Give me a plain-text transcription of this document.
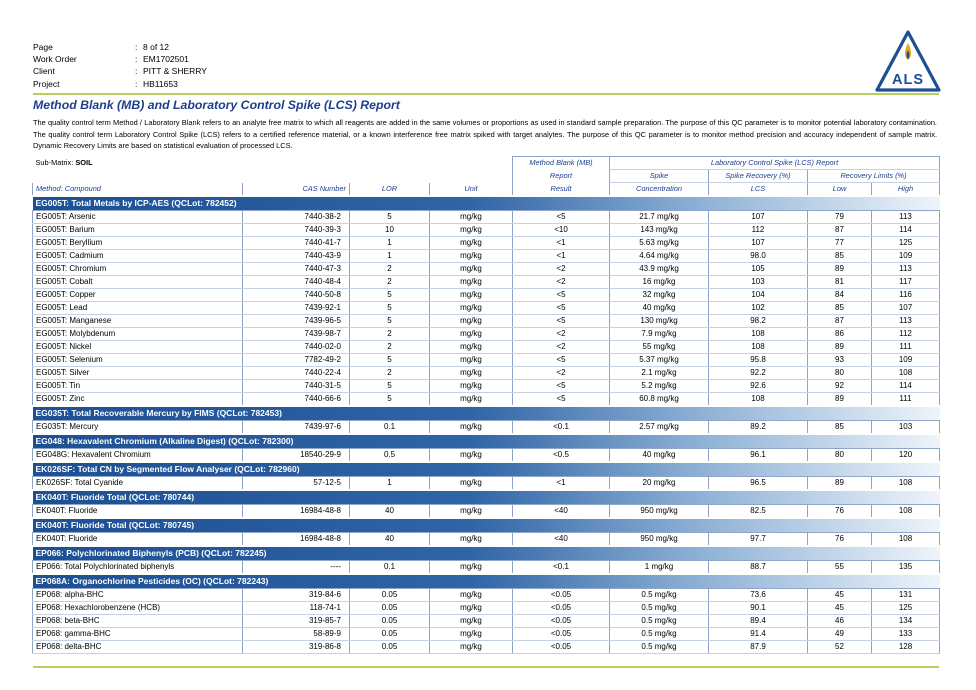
Page	: 8 of 12
Work Order	: EM1702501
Client	: PITT & SHERRY
Project	: HB11653	ALS
Method Blank (MB) and Laboratory Control Spike (LCS) Report
The quality control term Method / Laboratory Blank refers to an analyte free matrix to which all reagents are added in the same volumes or proportions as used in standard sample preparation. The purpose of this QC parameter is to monitor potential laboratory contamination. The quality control term Laboratory Control Spike (LCS) refers to a certified reference material, or a known interference free matrix spiked with target analytes. The purpose of this QC parameter is to monitor method precision and accuracy independent of sample matrix. Dynamic Recovery Limits are based on statistical evaluation of processed LCS.
Sub-Matrix: SOIL				Method Blank (MB)	Laboratory Control Spike (LCS) Report			
				Report	Spike	Spike Recovery (%)	Recovery Limits (%)	
Method: Compound	CAS Number	LOR	Unit	Result	Concentration	LCS	Low	High
EG005T: Total Metals by ICP-AES (QCLot: 782452)								
EG005T: Arsenic	7440-38-2	5	mg/kg	<5	21.7 mg/kg	107	79	113
EG005T: Barium	7440-39-3	10	mg/kg	<10	143 mg/kg	112	87	114
EG005T: Beryllium	7440-41-7	1	mg/kg	<1	5.63 mg/kg	107	77	125
EG005T: Cadmium	7440-43-9	1	mg/kg	<1	4.64 mg/kg	98.0	85	109
EG005T: Chromium	7440-47-3	2	mg/kg	<2	43.9 mg/kg	105	89	113
EG005T: Cobalt	7440-48-4	2	mg/kg	<2	16 mg/kg	103	81	117
EG005T: Copper	7440-50-8	5	mg/kg	<5	32 mg/kg	104	84	116
EG005T: Lead	7439-92-1	5	mg/kg	<5	40 mg/kg	102	85	107
EG005T: Manganese	7439-96-5	5	mg/kg	<5	130 mg/kg	98.2	87	113
EG005T: Molybdenum	7439-98-7	2	mg/kg	<2	7.9 mg/kg	108	86	112
EG005T: Nickel	7440-02-0	2	mg/kg	<2	55 mg/kg	108	89	111
EG005T: Selenium	7782-49-2	5	mg/kg	<5	5.37 mg/kg	95.8	93	109
EG005T: Silver	7440-22-4	2	mg/kg	<2	2.1 mg/kg	92.2	80	108
EG005T: Tin	7440-31-5	5	mg/kg	<5	5.2 mg/kg	92.6	92	114
EG005T: Zinc	7440-66-6	5	mg/kg	<5	60.8 mg/kg	108	89	111
EG035T: Total Recoverable Mercury by FIMS (QCLot: 782453)								
EG035T: Mercury	7439-97-6	0.1	mg/kg	<0.1	2.57 mg/kg	89.2	85	103
EG048: Hexavalent Chromium (Alkaline Digest) (QCLot: 782300)								
EG048G: Hexavalent Chromium	18540-29-9	0.5	mg/kg	<0.5	40 mg/kg	96.1	80	120
EK026SF: Total CN by Segmented Flow Analyser (QCLot: 782960)								
EK026SF: Total Cyanide	57-12-5	1	mg/kg	<1	20 mg/kg	96.5	89	108
EK040T: Fluoride Total (QCLot: 780744)								
EK040T: Fluoride	16984-48-8	40	mg/kg	<40	950 mg/kg	82.5	76	108
EK040T: Fluoride Total (QCLot: 780745)								
EK040T: Fluoride	16984-48-8	40	mg/kg	<40	950 mg/kg	97.7	76	108
EP066: Polychlorinated Biphenyls (PCB) (QCLot: 782245)								
EP066: Total Polychlorinated biphenyls	----	0.1	mg/kg	<0.1	1 mg/kg	88.7	55	135
EP068A: Organochlorine Pesticides (OC) (QCLot: 782243)								
EP068: alpha-BHC	319-84-6	0.05	mg/kg	<0.05	0.5 mg/kg	73.6	45	131
EP068: Hexachlorobenzene (HCB)	118-74-1	0.05	mg/kg	<0.05	0.5 mg/kg	90.1	45	125
EP068: beta-BHC	319-85-7	0.05	mg/kg	<0.05	0.5 mg/kg	89.4	46	134
EP068: gamma-BHC	58-89-9	0.05	mg/kg	<0.05	0.5 mg/kg	91.4	49	133
EP068: delta-BHC	319-86-8	0.05	mg/kg	<0.05	0.5 mg/kg	87.9	52	128
